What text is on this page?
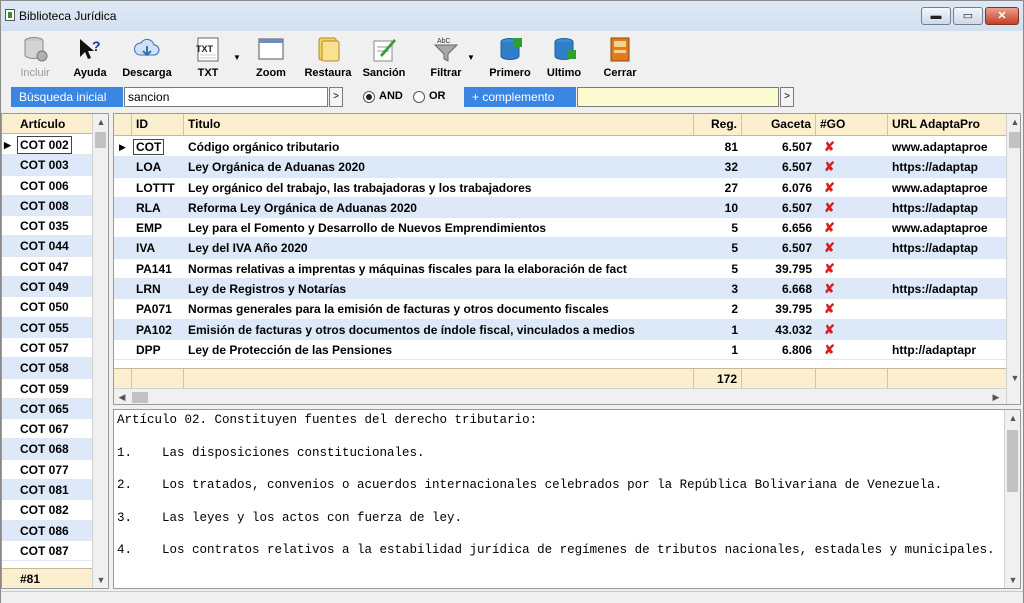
Biblioteca Jurídica	▬	▭	✕
Incluir
?
Ayuda	Descarga
TXT
TXT
▼
Zoom	Restaura	Sanción
AbC
Filtrar
▼
Primero	Ultimo	Cerrar
Búsqueda inicial	sancion	>	AND OR	+ complemento	>
Artículo
▶ COT 002
COT 003
COT 006
COT 008
COT 035
COT 044
COT 047
COT 049
COT 050
COT 055
COT 057
COT 058
COT 059
COT 065
COT 067
COT 068
COT 077
COT 081
COT 082
COT 086
COT 087
#81
▲
▼
ID	Titulo	Reg.	Gaceta #GO	URL AdaptaPro
▶ COT	Código orgánico tributario	81	6.507 ✘	www.adaptaproe
LOA	Ley Orgánica de Aduanas 2020	32	6.507 ✘	https://adaptap
LOTTT	Ley orgánico del trabajo, las trabajadoras y los trabajadores	27	6.076 ✘	www.adaptaproe
RLA	Reforma Ley Orgánica de Aduanas 2020	10	6.507 ✘	https://adaptap
EMP	Ley para el Fomento y Desarrollo de Nuevos Emprendimientos	5	6.656 ✘	www.adaptaproe
IVA	Ley del IVA Año 2020	5	6.507 ✘	https://adaptap
PA141	Normas relativas a imprentas y máquinas fiscales para la elaboración de fact	5	39.795 ✘
LRN	Ley de Registros y Notarías	3	6.668 ✘	https://adaptap
PA071	Normas generales para la emisión de facturas y otros documento fiscales	2	39.795 ✘
PA102	Emisión de facturas y otros documentos de índole fiscal, vinculados a medios	1	43.032 ✘
DPP	Ley de Protección de las Pensiones	1	6.806 ✘	http://adaptapr
172
◀	▶
▲
▼
Artículo 02. Constituyen fuentes del derecho tributario:

1.    Las disposiciones constitucionales.

2.    Los tratados, convenios o acuerdos internacionales celebrados por la República Bolivariana de Venezuela.

3.    Las leyes y los actos con fuerza de ley.

4.    Los contratos relativos a la estabilidad jurídica de regímenes de tributos nacionales, estadales y municipales.
▲
▼
